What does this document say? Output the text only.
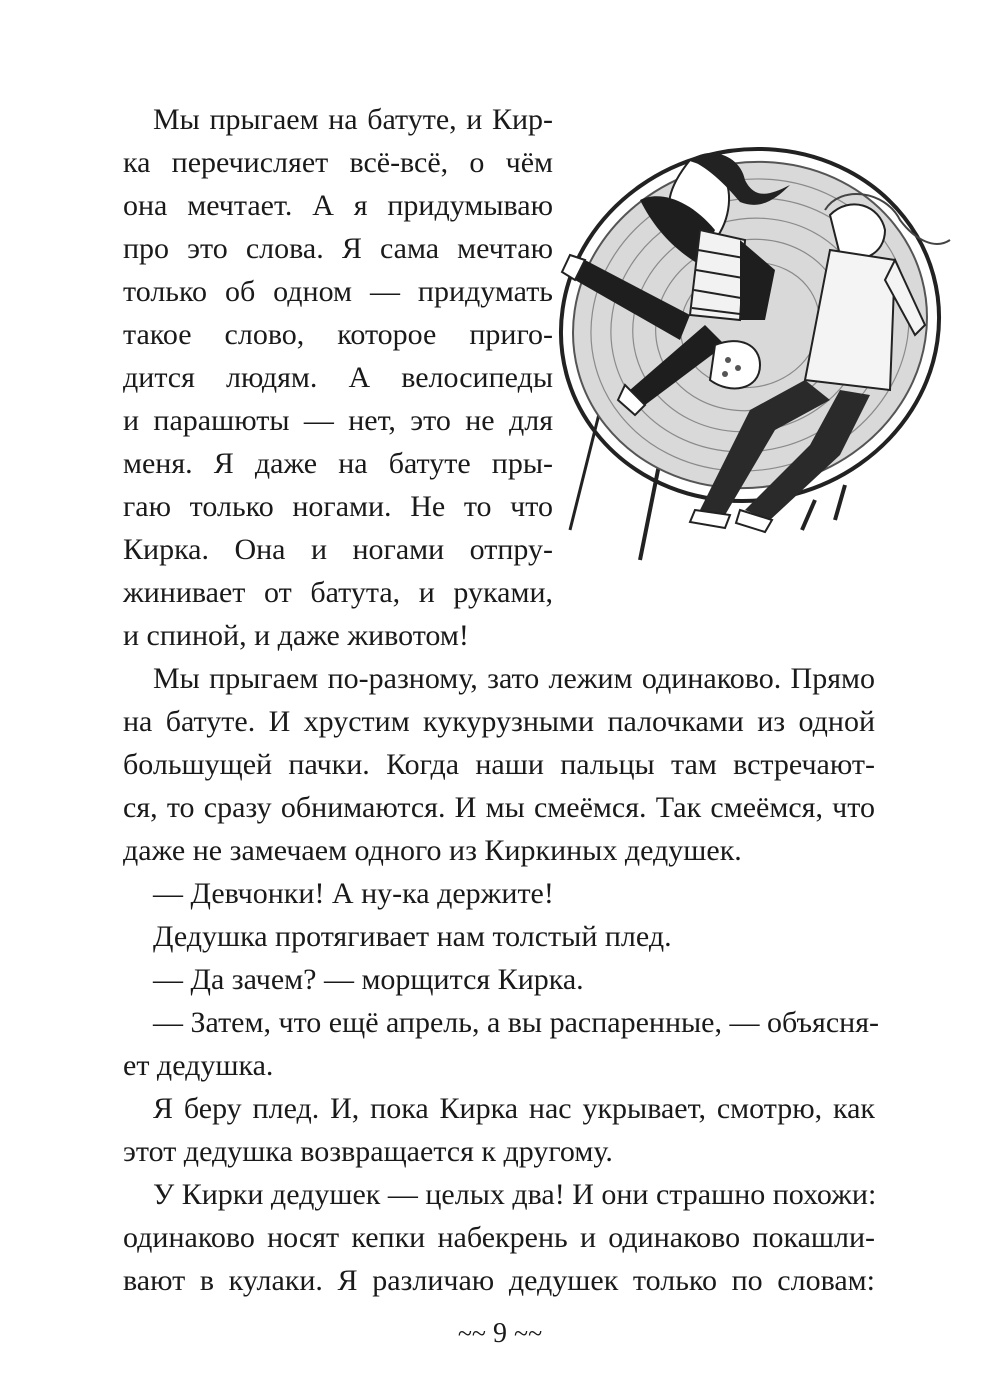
Мы прыгаем на батуте, и Кир-

ка перечисляет всё-всё, о чём

она мечтает. А я придумываю

про это слова. Я сама мечтаю

только об одном — придумать

такое слово, которое приго-

дится людям. А велосипеды

и парашюты — нет, это не для

меня. Я даже на батуте пры-

гаю только ногами. Не то что

Кирка. Она и ногами отпру-

жинивает от батута, и руками,

и спиной, и даже животом!

Мы прыгаем по-разному, зато лежим одинаково. Прямо

на батуте. И хрустим кукурузными палочками из одной

большущей пачки. Когда наши пальцы там встречают-

ся, то сразу обнимаются. И мы смеёмся. Так смеёмся, что

даже не замечаем одного из Киркиных дедушек.

— Девчонки! А ну-ка держите!

Дедушка протягивает нам толстый плед.

— Да зачем? — морщится Кирка.

— Затем, что ещё апрель, а вы распаренные, — объясня-

ет дедушка.

Я беру плед. И, пока Кирка нас укрывает, смотрю, как

этот дедушка возвращается к другому.

У Кирки дедушек — целых два! И они страшно похожи:

одинаково носят кепки набекрень и одинаково покашли-

вают в кулаки. Я различаю дедушек только по словам:

~~ 9 ~~
